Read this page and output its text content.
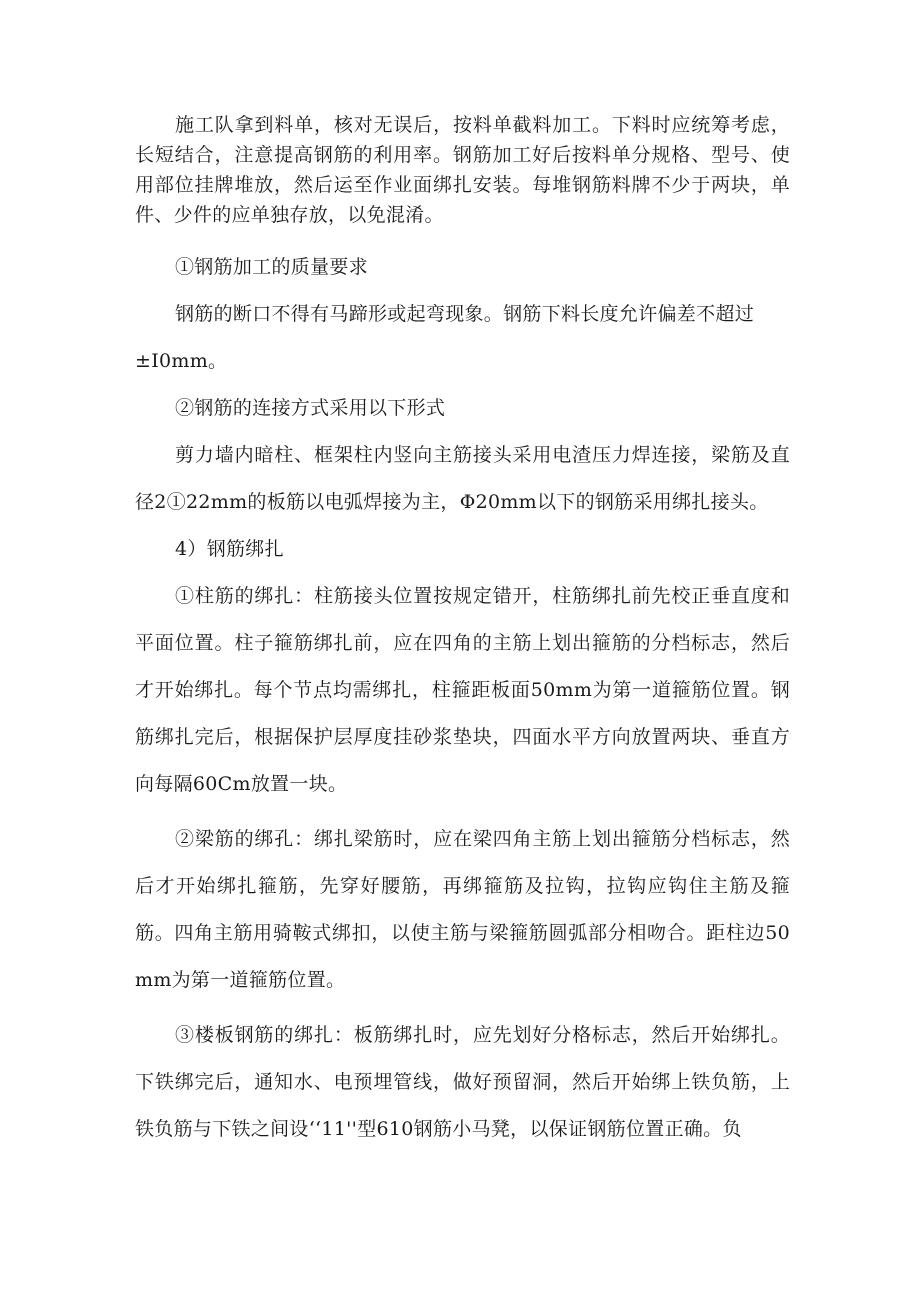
施工队拿到料单，核对无误后，按料单截料加工。下料时应统筹考虑，长短结合，注意提高钢筋的利用率。钢筋加工好后按料单分规格、型号、使用部位挂牌堆放，然后运至作业面绑扎安装。每堆钢筋料牌不少于两块，单件、少件的应单独存放，以免混淆。

①钢筋加工的质量要求

钢筋的断口不得有马蹄形或起弯现象。钢筋下料长度允许偏差不超过

±I0mm。

②钢筋的连接方式采用以下形式

剪力墙内暗柱、框架柱内竖向主筋接头采用电渣压力焊连接，梁筋及直径2①22mm的板筋以电弧焊接为主，Φ20mm以下的钢筋采用绑扎接头。

4）钢筋绑扎

①柱筋的绑扎：柱筋接头位置按规定错开，柱筋绑扎前先校正垂直度和平面位置。柱子箍筋绑扎前，应在四角的主筋上划出箍筋的分档标志，然后才开始绑扎。每个节点均需绑扎，柱箍距板面50mm为第一道箍筋位置。钢筋绑扎完后，根据保护层厚度挂砂浆垫块，四面水平方向放置两块、垂直方向每隔60Cm放置一块。

②梁筋的绑孔：绑扎梁筋时，应在梁四角主筋上划出箍筋分档标志，然后才开始绑扎箍筋，先穿好腰筋，再绑箍筋及拉钩，拉钩应钩住主筋及箍筋。四角主筋用骑鞍式绑扣，以使主筋与梁箍筋圆弧部分相吻合。距柱边50mm为第一道箍筋位置。

③楼板钢筋的绑扎：板筋绑扎时，应先划好分格标志，然后开始绑扎。下铁绑完后，通知水、电预埋管线，做好预留洞，然后开始绑上铁负筋，上铁负筋与下铁之间设‘‘11''型610钢筋小马凳，以保证钢筋位置正确。负
